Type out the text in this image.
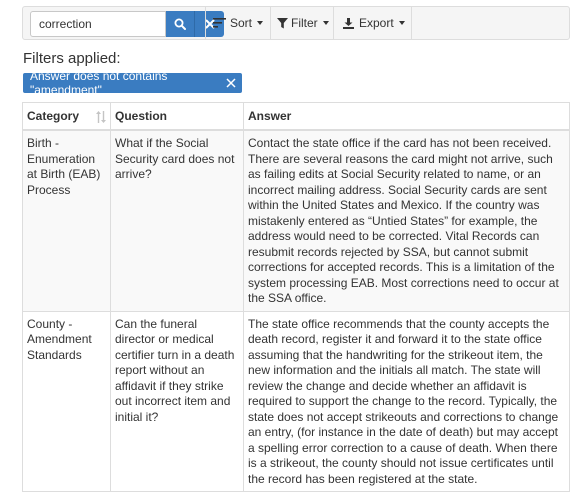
correction
Sort	Filter	Export
Filters applied:
Answer does not contains "amendment"
Category	Question	Answer
Birth - Enumeration at Birth (EAB) Process	What if the Social Security card does not arrive?	Contact the state office if the card has not been received. There are several reasons the card might not arrive, such as failing edits at Social Security related to name, or an incorrect mailing address. Social Security cards are sent within the United States and Mexico. If the country was mistakenly entered as “Untied States” for example, the address would need to be corrected. Vital Records can resubmit records rejected by SSA, but cannot submit corrections for accepted records. This is a limitation of the system processing EAB. Most corrections need to occur at the SSA office.
County - Amendment Standards	Can the funeral director or medical certifier turn in a death report without an affidavit if they strike out incorrect item and initial it?	The state office recommends that the county accepts the death record, register it and forward it to the state office assuming that the handwriting for the strikeout item, the new information and the initials all match. The state will review the change and decide whether an affidavit is required to support the change to the record. Typically, the state does not accept strikeouts and corrections to change an entry, (for instance in the date of death) but may accept a spelling error correction to a cause of death. When there is a strikeout, the county should not issue certificates until the record has been registered at the state.
